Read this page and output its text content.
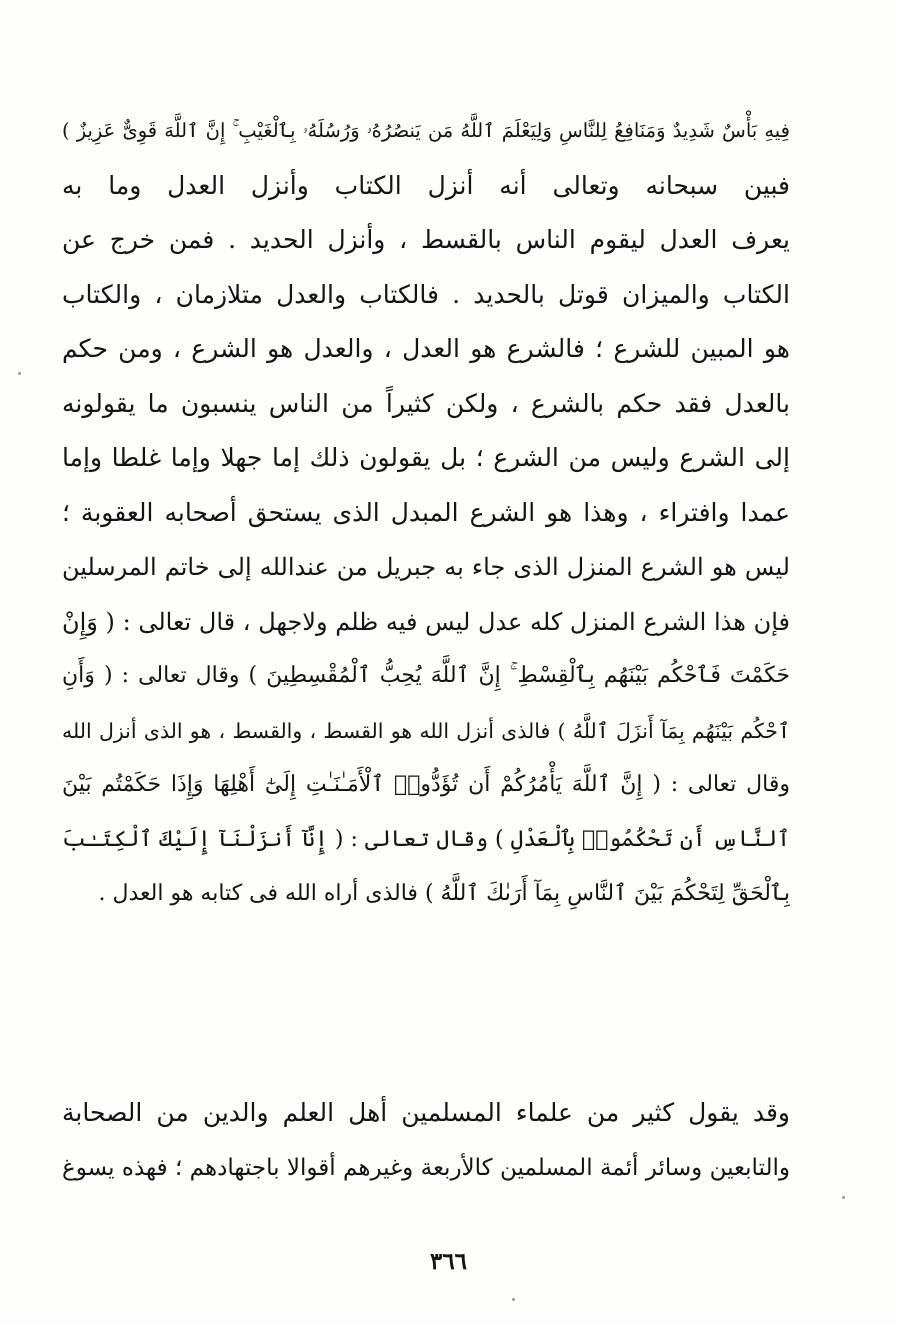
فِيهِ بَأْسٌ شَدِيدٌ وَمَنَافِعُ لِلنَّاسِ وَلِيَعْلَمَ ٱللَّهُ مَن يَنصُرُهُۥ وَرُسُلَهُۥ بِٱلْغَيْبِ ۚ إِنَّ ٱللَّهَ قَوِىٌّ عَزِيزٌ )
فبين سبحانه وتعالى أنه أنزل الكتاب وأنزل العدل وما به
يعرف العدل ليقوم الناس بالقسط ، وأنزل الحديد . فمن خرج عن
الكتاب والميزان قوتل بالحديد . فالكتاب والعدل متلازمان ، والكتاب
هو المبين للشرع ؛ فالشرع هو العدل ، والعدل هو الشرع ، ومن حكم
بالعدل فقد حكم بالشرع ، ولكن كثيراً من الناس ينسبون ما يقولونه
إلى الشرع وليس من الشرع ؛ بل يقولون ذلك إما جهلا وإما غلطا وإما
عمدا وافتراء ، وهذا هو الشرع المبدل الذى يستحق أصحابه العقوبة ؛
ليس هو الشرع المنزل الذى جاء به جبريل من عندالله إلى خاتم المرسلين
فإن هذا الشرع المنزل كله عدل ليس فيه ظلم ولاجهل ، قال تعالى : ( وَإِنْ
حَكَمْتَ فَٱحْكُم بَيْنَهُم بِٱلْقِسْطِ ۚ إِنَّ ٱللَّهَ يُحِبُّ ٱلْمُقْسِطِينَ ) وقال تعالى : ( وَأَنِ
ٱحْكُم بَيْنَهُم بِمَآ أَنزَلَ ٱللَّهُ ) فالذى أنزل الله هو القسط ، والقسط ، هو الذى أنزل الله
وقال تعالى : ( إِنَّ ٱللَّهَ يَأْمُرُكُمْ أَن تُؤَدُّوا۟ ٱلْأَمَـٰنَـٰتِ إِلَىٰٓ أَهْلِهَا وَإِذَا حَكَمْتُم بَيْنَ
ٱلنَّاسِ أَن تَحْكُمُوا۟ بِٱلْعَدْلِ ) وقال تعالى : ( إِنَّآ أَنزَلْنَآ إِلَيْكَ ٱلْكِتَـٰبَ
بِٱلْحَقِّ لِتَحْكُمَ بَيْنَ ٱلنَّاسِ بِمَآ أَرَىٰكَ ٱللَّهُ ) فالذى أراه الله فى كتابه هو العدل .
وقد يقول كثير من علماء المسلمين أهل العلم والدين من الصحابة
والتابعين وسائر أئمة المسلمين كالأربعة وغيرهم أقوالا باجتهادهم ؛ فهذه يسوغ
٣٦٦
